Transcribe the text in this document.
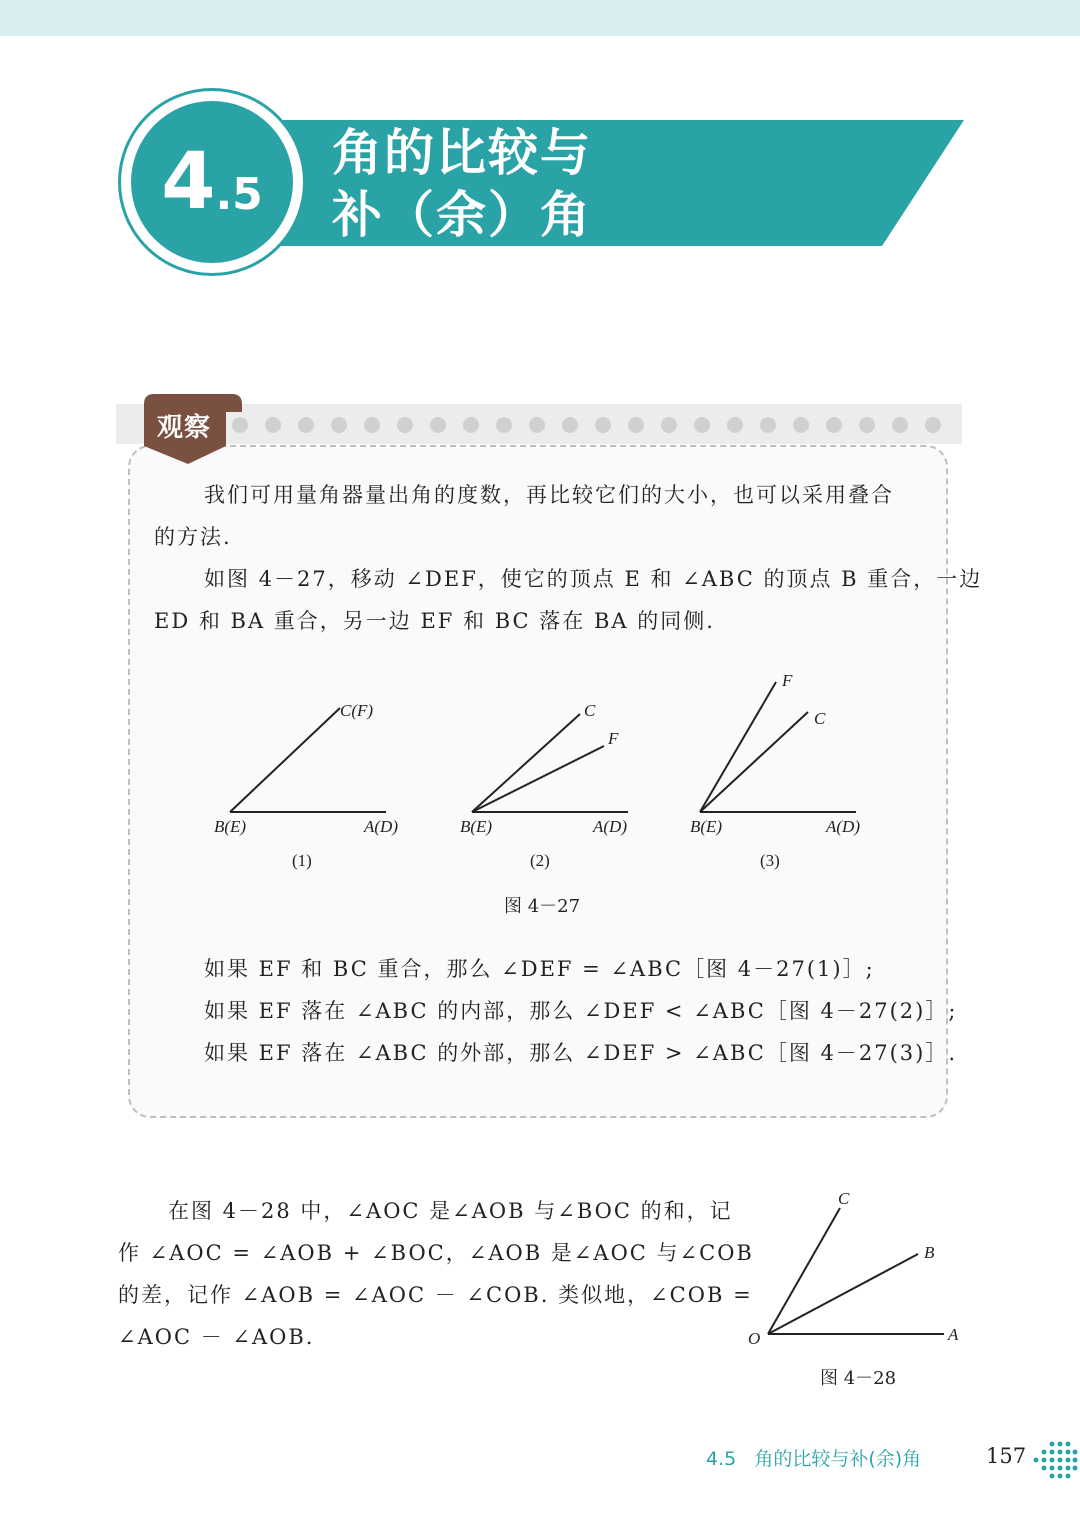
4 .5
角的比较与
补（余）角
观察
我们可用量角器量出角的度数，再比较它们的大小，也可以采用叠合
的方法.
如图 4－27，移动 ∠DEF，使它的顶点 E 和 ∠ABC 的顶点 B 重合，一边
ED 和 BA 重合，另一边 EF 和 BC 落在 BA 的同侧.
C(F)
B(E)	A(D)
C
F
B(E)	A(D)
F
C
B(E)	A(D)
(1)	(2)	(3)
图 4－27
如果 EF 和 BC 重合，那么 ∠DEF = ∠ABC［图 4－27(1)］;
如果 EF 落在 ∠ABC 的内部，那么 ∠DEF < ∠ABC［图 4－27(2)］;
如果 EF 落在 ∠ABC 的外部，那么 ∠DEF > ∠ABC［图 4－27(3)］.
在图 4－28 中，∠AOC 是∠AOB 与∠BOC 的和，记
作 ∠AOC = ∠AOB + ∠BOC，∠AOB 是∠AOC 与∠COB
的差，记作 ∠AOB = ∠AOC － ∠COB. 类似地，∠COB =
∠AOC － ∠AOB.
C
B
O	A
图 4－28
4.5 角的比较与补(余)角	157
